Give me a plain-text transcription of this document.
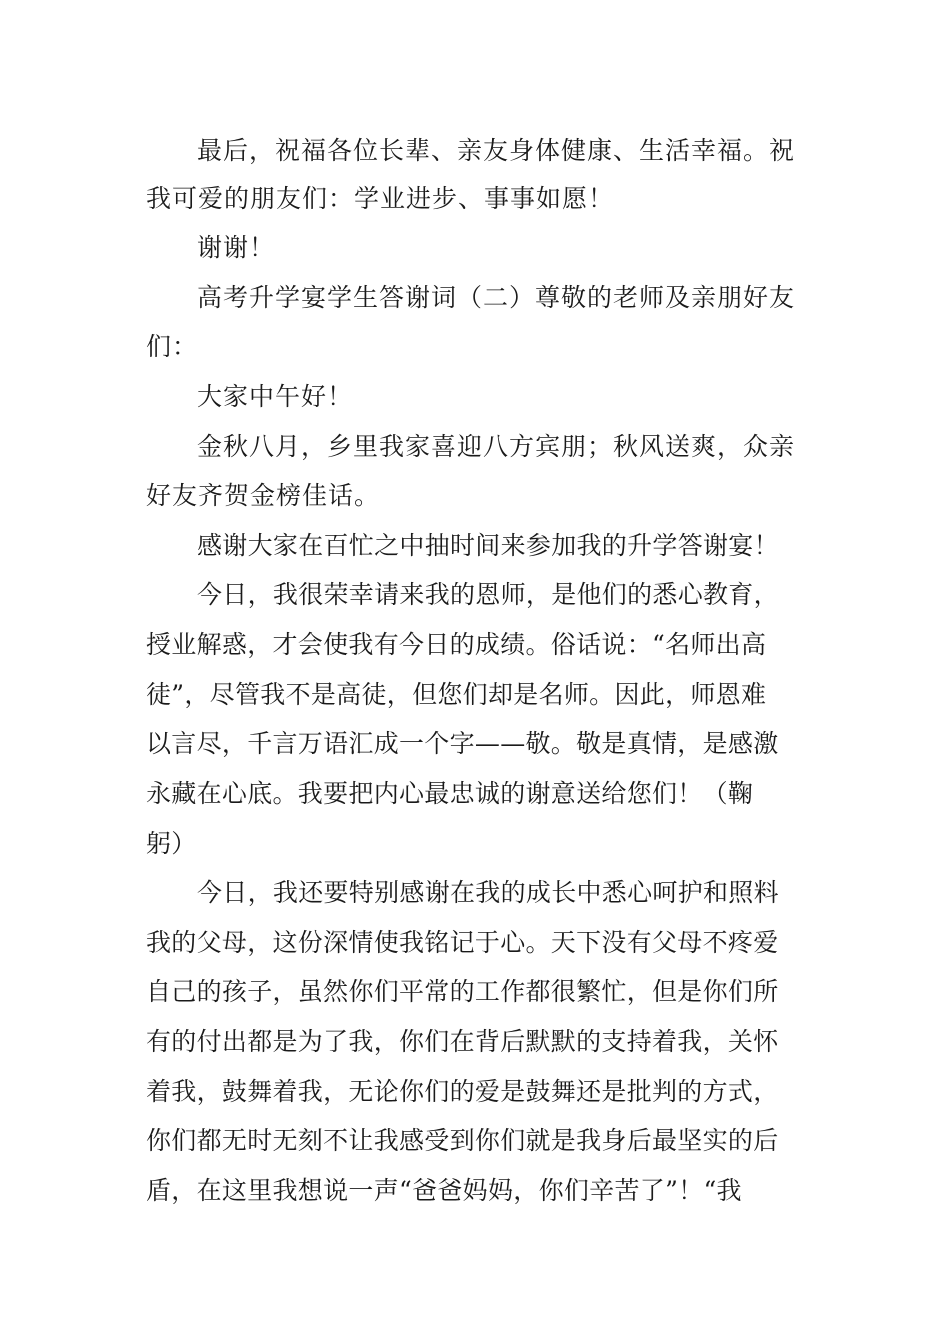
最后，祝福各位长辈、亲友身体健康、生活幸福。祝

我可爱的朋友们：学业进步、事事如愿！

谢谢！

高考升学宴学生答谢词（二）尊敬的老师及亲朋好友

们：

大家中午好！

金秋八月，乡里我家喜迎八方宾朋；秋风送爽，众亲

好友齐贺金榜佳话。

感谢大家在百忙之中抽时间来参加我的升学答谢宴！

今日，我很荣幸请来我的恩师，是他们的悉心教育，

授业解惑，才会使我有今日的成绩。俗话说：“名师出高

徒”，尽管我不是高徒，但您们却是名师。因此，师恩难

以言尽，千言万语汇成一个字——敬。敬是真情，是感激

永藏在心底。我要把内心最忠诚的谢意送给您们！（鞠

躬）

今日，我还要特别感谢在我的成长中悉心呵护和照料

我的父母，这份深情使我铭记于心。天下没有父母不疼爱

自己的孩子，虽然你们平常的工作都很繁忙，但是你们所

有的付出都是为了我，你们在背后默默的支持着我，关怀

着我，鼓舞着我，无论你们的爱是鼓舞还是批判的方式，

你们都无时无刻不让我感受到你们就是我身后最坚实的后

盾，在这里我想说一声“爸爸妈妈，你们辛苦了”！“我
